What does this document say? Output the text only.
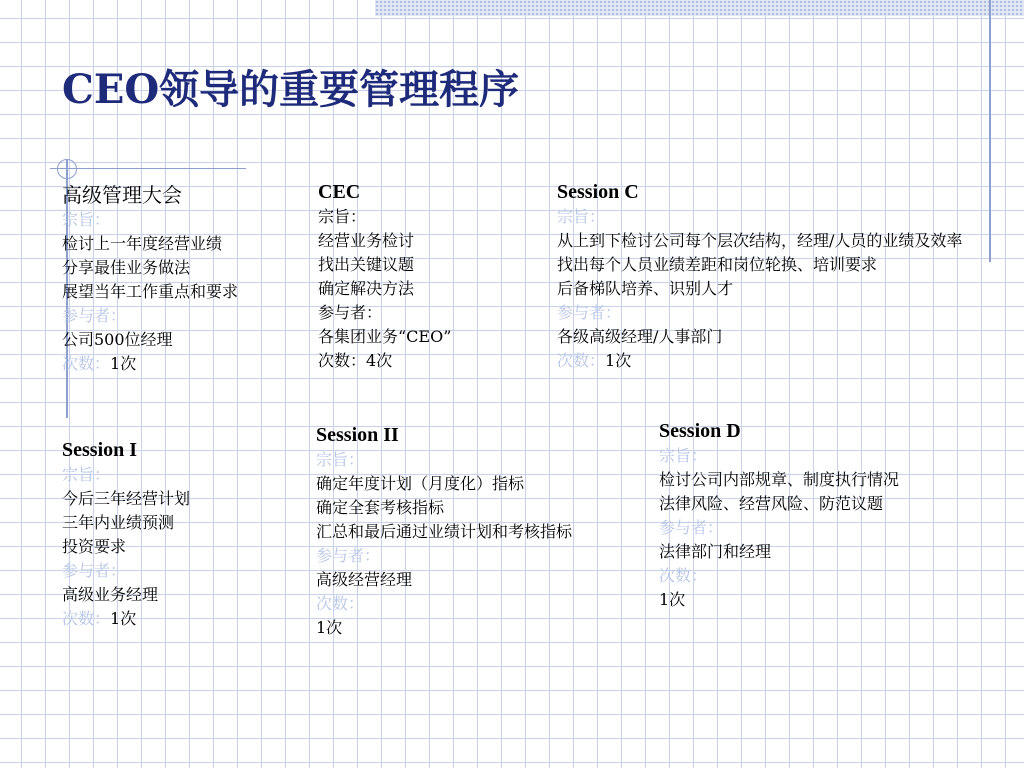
CEO领导的重要管理程序
高级管理大会
宗旨：
检讨上一年度经营业绩
分享最佳业务做法
展望当年工作重点和要求
参与者：
公司500位经理
次数：1次
CEC
宗旨：
经营业务检讨
找出关键议题
确定解决方法
参与者：
各集团业务“CEO”
次数：4次
Session C
宗旨：
从上到下检讨公司每个层次结构，经理/人员的业绩及效率
找出每个人员业绩差距和岗位轮换、培训要求
后备梯队培养、识别人才
参与者：
各级高级经理/人事部门
次数：1次
Session I
宗旨：
今后三年经营计划
三年内业绩预测
投资要求
参与者：
高级业务经理
次数：1次
Session II
宗旨：
确定年度计划（月度化）指标
确定全套考核指标
汇总和最后通过业绩计划和考核指标
参与者：
高级经营经理
次数：
1次
Session D
宗旨：
检讨公司内部规章、制度执行情况
法律风险、经营风险、防范议题
参与者：
法律部门和经理
次数：
1次
